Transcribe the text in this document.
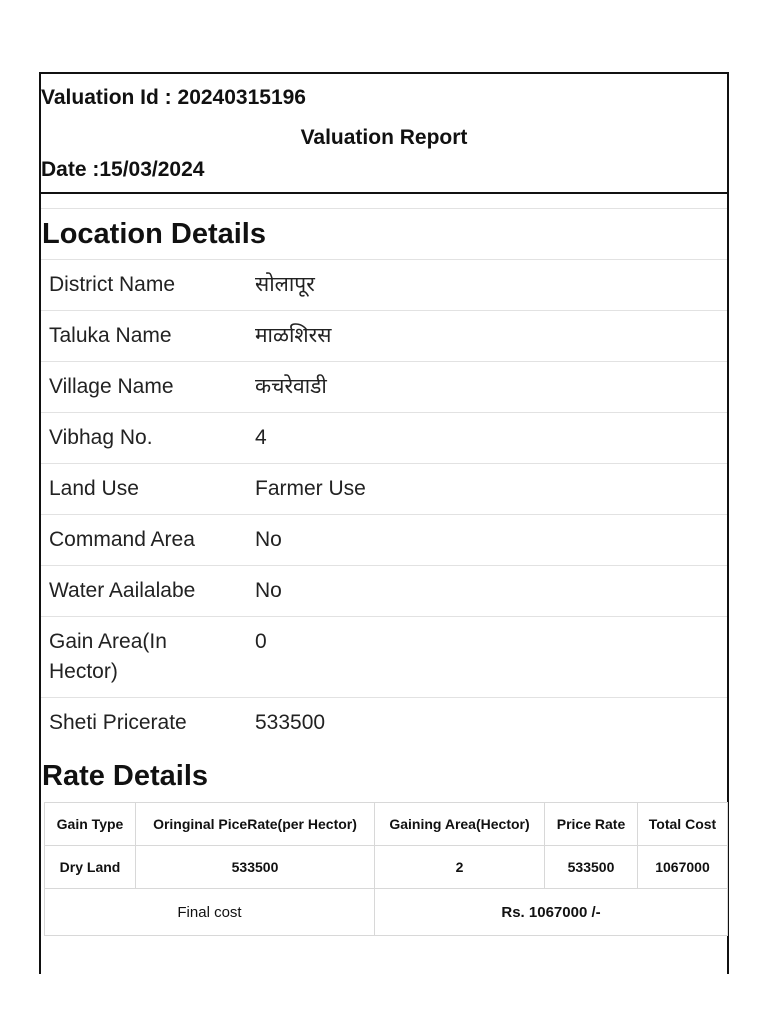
Valuation Id : 20240315196
Valuation Report
Date :15/03/2024
Location Details
District Name	सोलापूर
Taluka Name	माळशिरस
Village Name	कचरेवाडी
Vibhag No.	4
Land Use	Farmer Use
Command Area	No
Water Aailalabe	No
Gain Area(In Hector)	0
Sheti Pricerate	533500
Rate Details
Gain Type	Oringinal PiceRate(per Hector)	Gaining Area(Hector)	Price Rate	Total Cost
Dry Land	533500	2	533500	1067000
Final cost		Rs. 1067000 /-		
